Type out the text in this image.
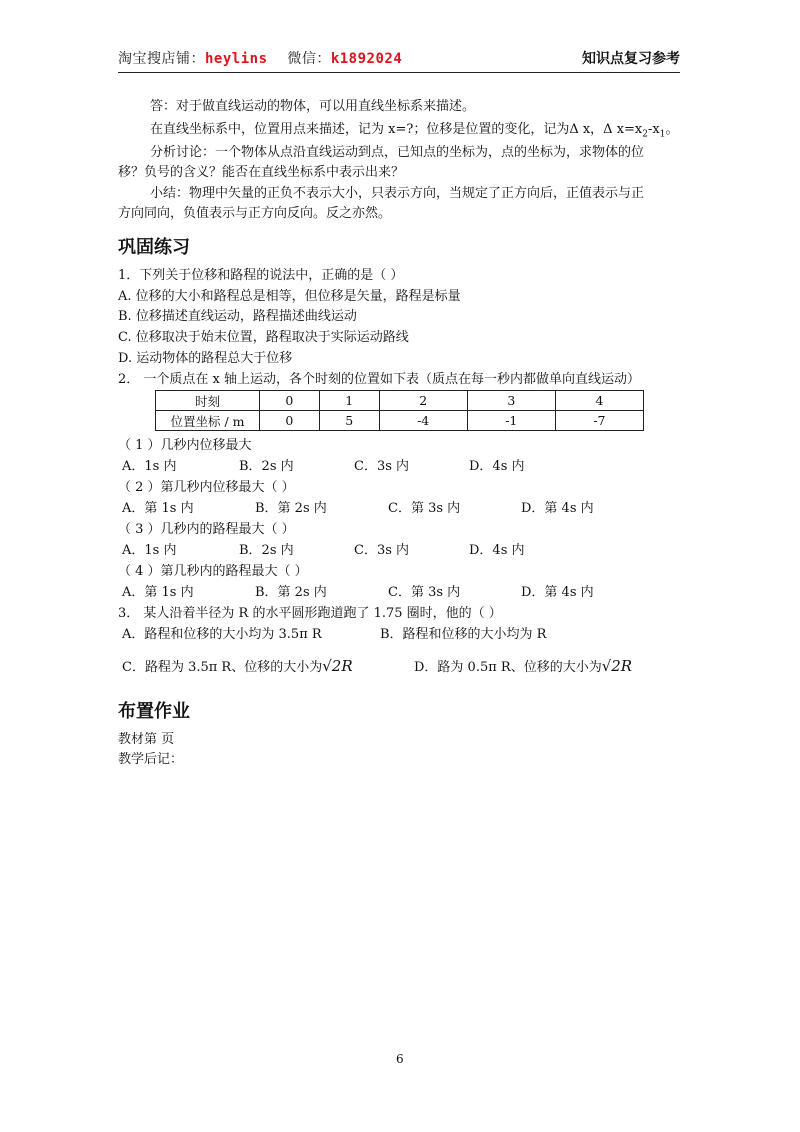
淘宝搜店铺：heylins 微信：k1892024	知识点复习参考
答：对于做直线运动的物体，可以用直线坐标系来描述。
在直线坐标系中，位置用点来描述，记为 x=?；位移是位置的变化，记为Δ x，Δ $x=x_2-x_1$。
分析讨论：一个物体从点沿直线运动到点，已知点的坐标为，点的坐标为，求物体的位
移？负号的含义？能否在直线坐标系中表示出来？
小结：物理中矢量的正负不表示大小，只表示方向，当规定了正方向后，正值表示与正
方向同向，负值表示与正方向反向。反之亦然。
巩固练习
1．下列关于位移和路程的说法中，正确的是（ ）
A. 位移的大小和路程总是相等，但位移是矢量，路程是标量
B. 位移描述直线运动，路程描述曲线运动
C. 位移取决于始末位置，路程取决于实际运动路线
D. 运动物体的路程总大于位移
2． 一个质点在 x 轴上运动，各个时刻的位置如下表（质点在每一秒内都做单向直线运动）
时刻	0	1	2	3	4
位置坐标 / m	0	5	-4	-1	-7
（ 1 ）几秒内位移最大
A．1s 内	B．2s 内	C．3s 内	D．4s 内
（ 2 ）第几秒内位移最大（ ）
A．第 1s 内	B．第 2s 内	C．第 3s 内	D．第 4s 内
（ 3 ）几秒内的路程最大（ ）
A．1s 内	B．2s 内	C．3s 内	D．4s 内
（ 4 ）第几秒内的路程最大（ ）
A．第 1s 内	B．第 2s 内	C．第 3s 内	D．第 4s 内
3． 某人沿着半径为 R 的水平圆形跑道跑了 1.75 圈时，他的（ ）
A．路程和位移的大小均为 3.5π R	B．路程和位移的大小均为 R
C．路程为 3.5π R、位移的大小为√2R	D．路为 0.5π R、位移的大小为√2R
布置作业
教材第 页
教学后记：
6
